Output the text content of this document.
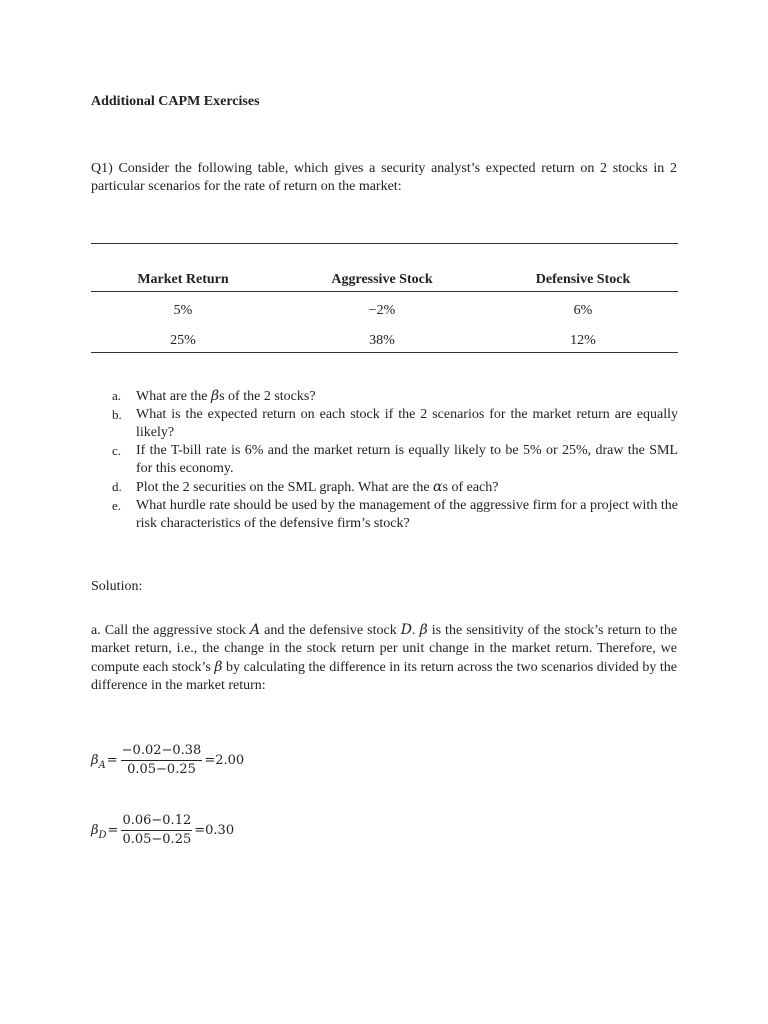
Additional CAPM Exercises
Q1) Consider the following table, which gives a security analyst’s expected return on 2 stocks in 2 particular scenarios for the rate of return on the market:
Market Return	Aggressive Stock	Defensive Stock
5%	−2%	6%
25%	38%	12%
a. What are the βs of the 2 stocks?
b. What is the expected return on each stock if the 2 scenarios for the market return are equally likely?
c. If the T-bill rate is 6% and the market return is equally likely to be 5% or 25%, draw the SML for this economy.
d. Plot the 2 securities on the SML graph. What are the αs of each?
e. What hurdle rate should be used by the management of the aggressive firm for a project with the risk characteristics of the defensive firm’s stock?
Solution:
a. Call the aggressive stock A and the defensive stock D. β is the sensitivity of the stock’s return to the market return, i.e., the change in the stock return per unit change in the market return. Therefore, we compute each stock’s β by calculating the difference in its return across the two scenarios divided by the difference in the market return:
β $A = \frac{-0.02-0.38}{0.05-0.25} =2.00$
β $D = \frac{0.06-0.12}{0.05-0.25} =0.30$
